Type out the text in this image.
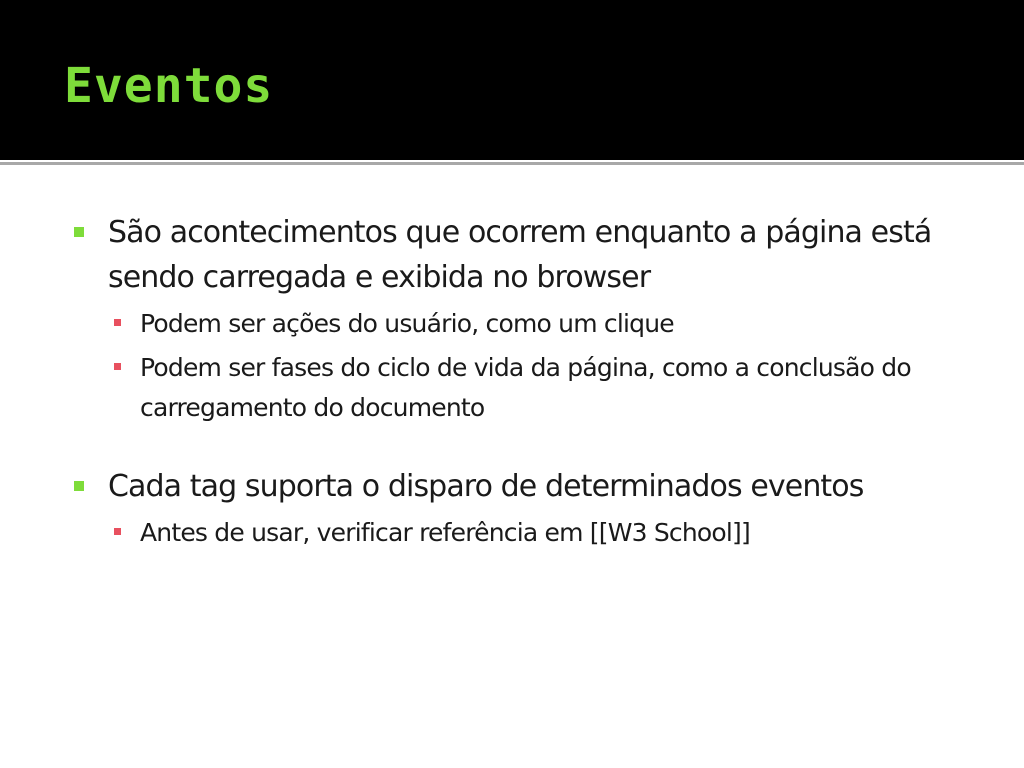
Eventos
São acontecimentos que ocorrem enquanto a página está sendo carregada e exibida no browser
Podem ser ações do usuário, como um clique
Podem ser fases do ciclo de vida da página, como a conclusão do carregamento do documento
Cada tag suporta o disparo de determinados eventos
Antes de usar, verificar referência em [[W3 School]]
